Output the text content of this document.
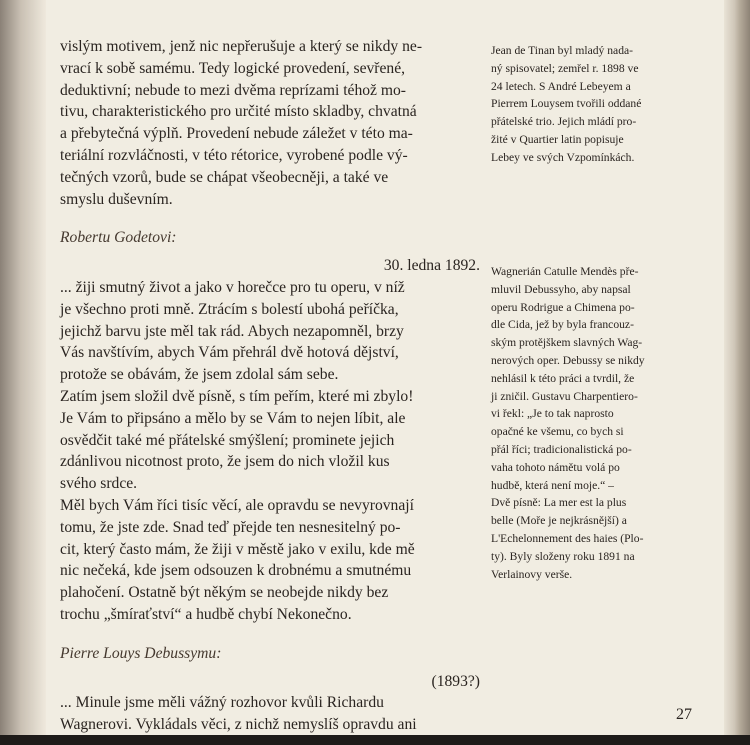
vislým motivem, jenž nic nepřerušuje a který se nikdy ne-
vrací k sobě samému. Tedy logické provedení, sevřené,
deduktivní; nebude to mezi dvěma reprízami téhož mo-
tivu, charakteristického pro určité místo skladby, chvatná
a přebytečná výplň. Provedení nebude záležet v této ma-
teriální rozvláčnosti, v této rétorice, vyrobené podle vý-
tečných vzorů, bude se chápat všeobecněji, a také ve
smyslu duševním.
Robertu Godetovi:
30. ledna 1892.
... žiji smutný život a jako v horečce pro tu operu, v níž
je všechno proti mně. Ztrácím s bolestí ubohá peříčka,
jejichž barvu jste měl tak rád. Abych nezapomněl, brzy
Vás navštívím, abych Vám přehrál dvě hotová dějství,
protože se obávám, že jsem zdolal sám sebe.
Zatím jsem složil dvě písně, s tím peřím, které mi zbylo!
Je Vám to připsáno a mělo by se Vám to nejen líbit, ale
osvědčit také mé přátelské smýšlení; prominete jejich
zdánlivou nicotnost proto, že jsem do nich vložil kus
svého srdce.
Měl bych Vám říci tisíc věcí, ale opravdu se nevyrovnají
tomu, že jste zde. Snad teď přejde ten nesnesitelný po-
cit, který často mám, že žiji v městě jako v exilu, kde mě
nic nečeká, kde jsem odsouzen k drobnému a smutnému
plahočení. Ostatně být někým se neobejde nikdy bez
trochu „šmíraťství“ a hudbě chybí Nekonečno.
Pierre Louys Debussymu:
(1893?)
... Minule jsme měli vážný rozhovor kvůli Richardu
Wagnerovi. Vykládals věci, z nichž nemyslíš opravdu ani
Jean de Tinan byl mladý nada-
ný spisovatel; zemřel r. 1898 ve
24 letech. S André Lebeyem a
Pierrem Louysem tvořili oddané
přátelské trio. Jejich mládí pro-
žité v Quartier latin popisuje
Lebey ve svých Vzpomínkách.
Wagnerián Catulle Mendès pře-
mluvil Debussyho, aby napsal
operu Rodrigue a Chimena po-
dle Cida, jež by byla francouz-
ským protějškem slavných Wag-
nerových oper. Debussy se nikdy
nehlásil k této práci a tvrdil, že
ji zničil. Gustavu Charpentiero-
vi řekl: „Je to tak naprosto
opačné ke všemu, co bych si
přál říci; tradicionalistická po-
vaha tohoto námětu volá po
hudbě, která není moje.“ –
Dvě písně: La mer est la plus
belle (Moře je nejkrásnější) a
L'Echelonnement des haies (Plo-
ty). Byly složeny roku 1891 na
Verlainovy verše.
27
